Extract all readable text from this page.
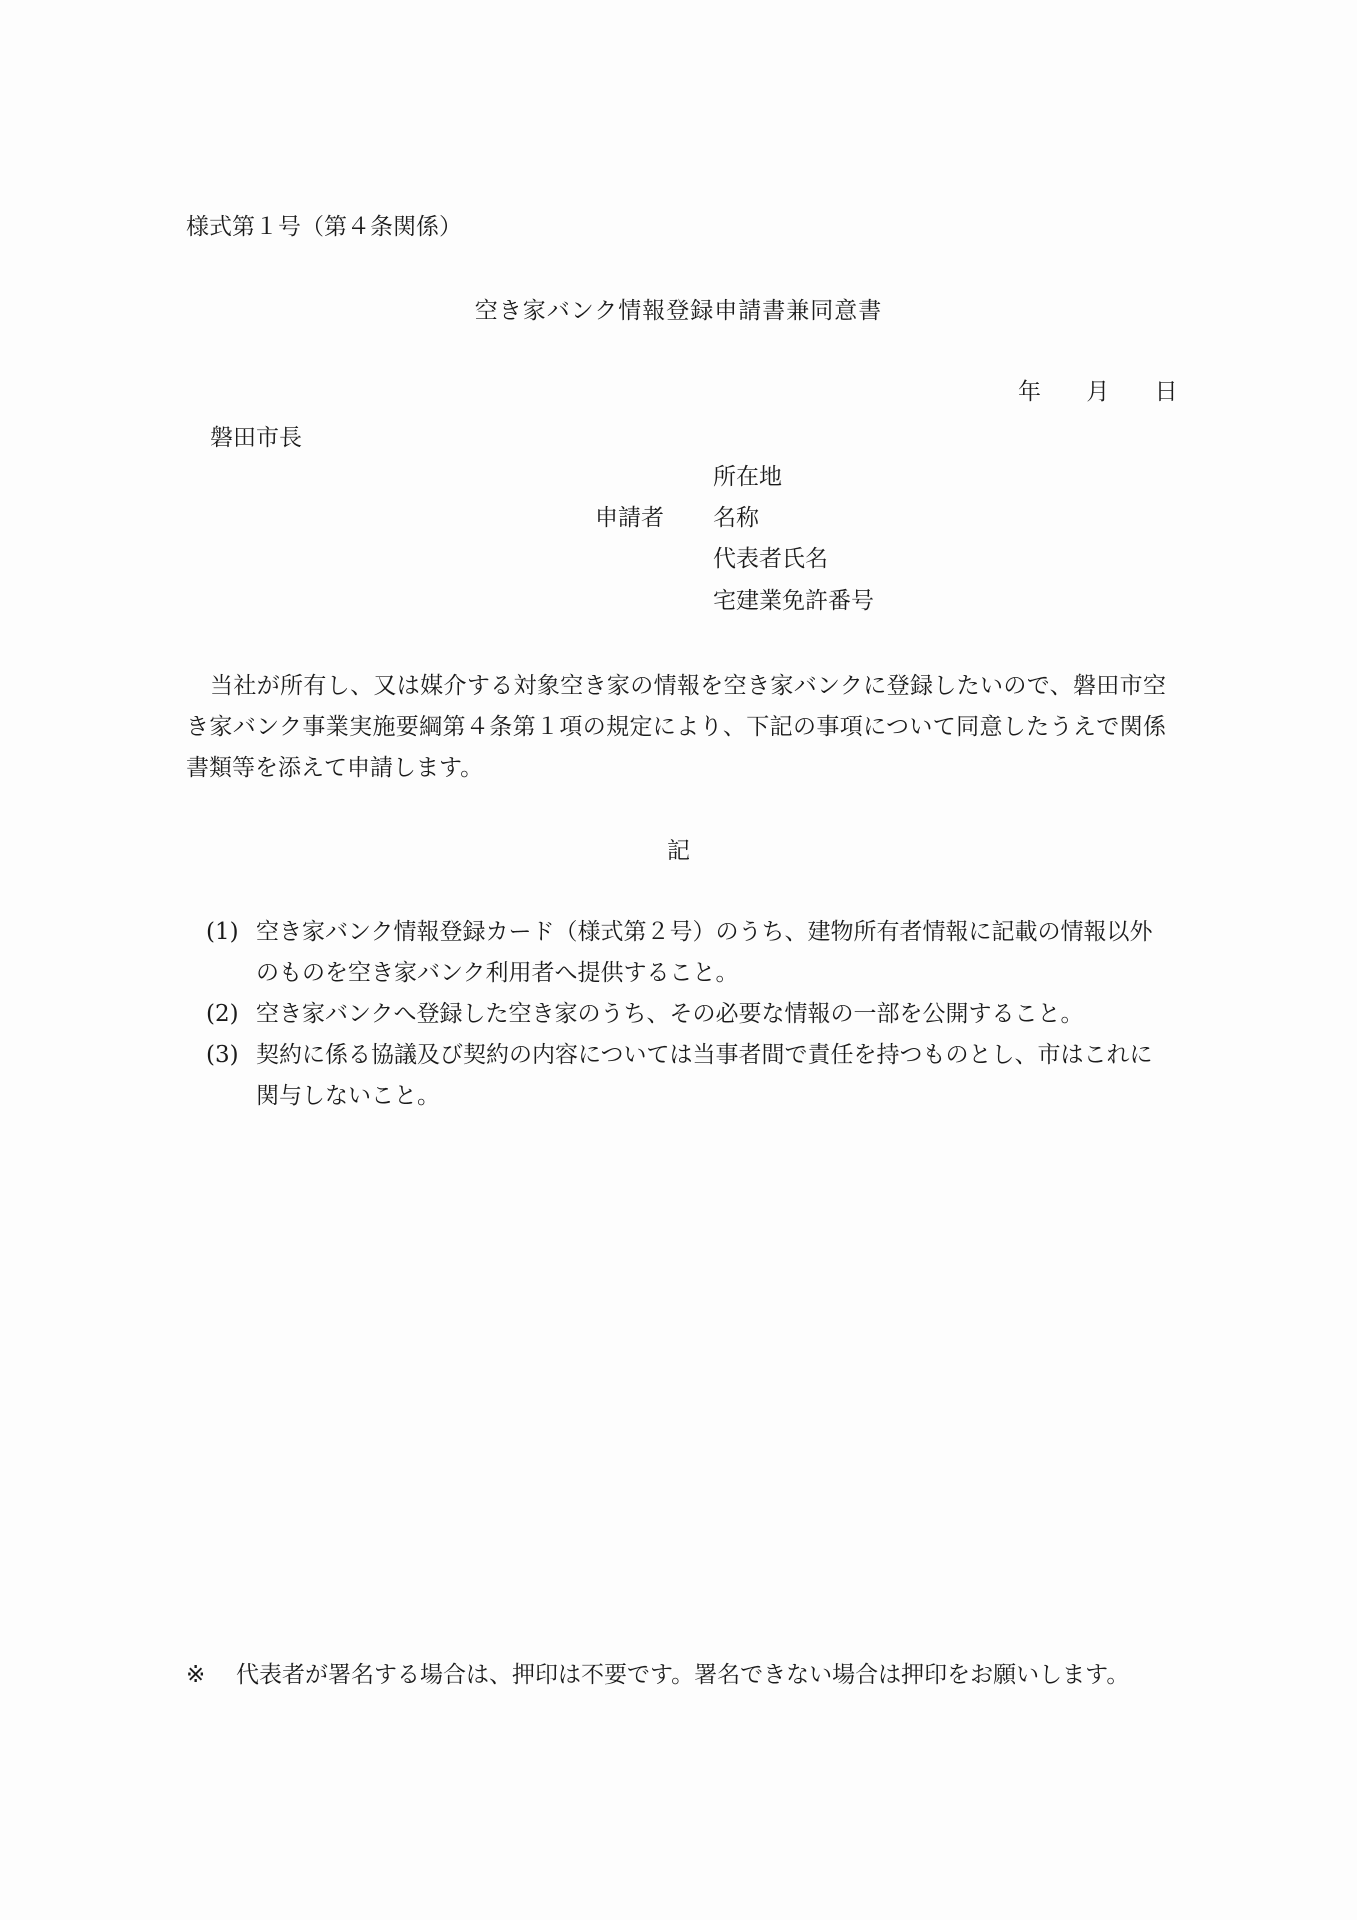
様式第１号（第４条関係）
空き家バンク情報登録申請書兼同意書
年 月 日
磐田市長
申請者
所在地
名称
代表者氏名
宅建業免許番号
当社が所有し、又は媒介する対象空き家の情報を空き家バンクに登録したいので、磐田市空き家バンク事業実施要綱第４条第１項の規定により、下記の事項について同意したうえで関係書類等を添えて申請します。
記
(1) 空き家バンク情報登録カード（様式第２号）のうち、建物所有者情報に記載の情報以外のものを空き家バンク利用者へ提供すること。
(2) 空き家バンクへ登録した空き家のうち、その必要な情報の一部を公開すること。
(3) 契約に係る協議及び契約の内容については当事者間で責任を持つものとし、市はこれに関与しないこと。
※ 代表者が署名する場合は、押印は不要です。署名できない場合は押印をお願いします。
